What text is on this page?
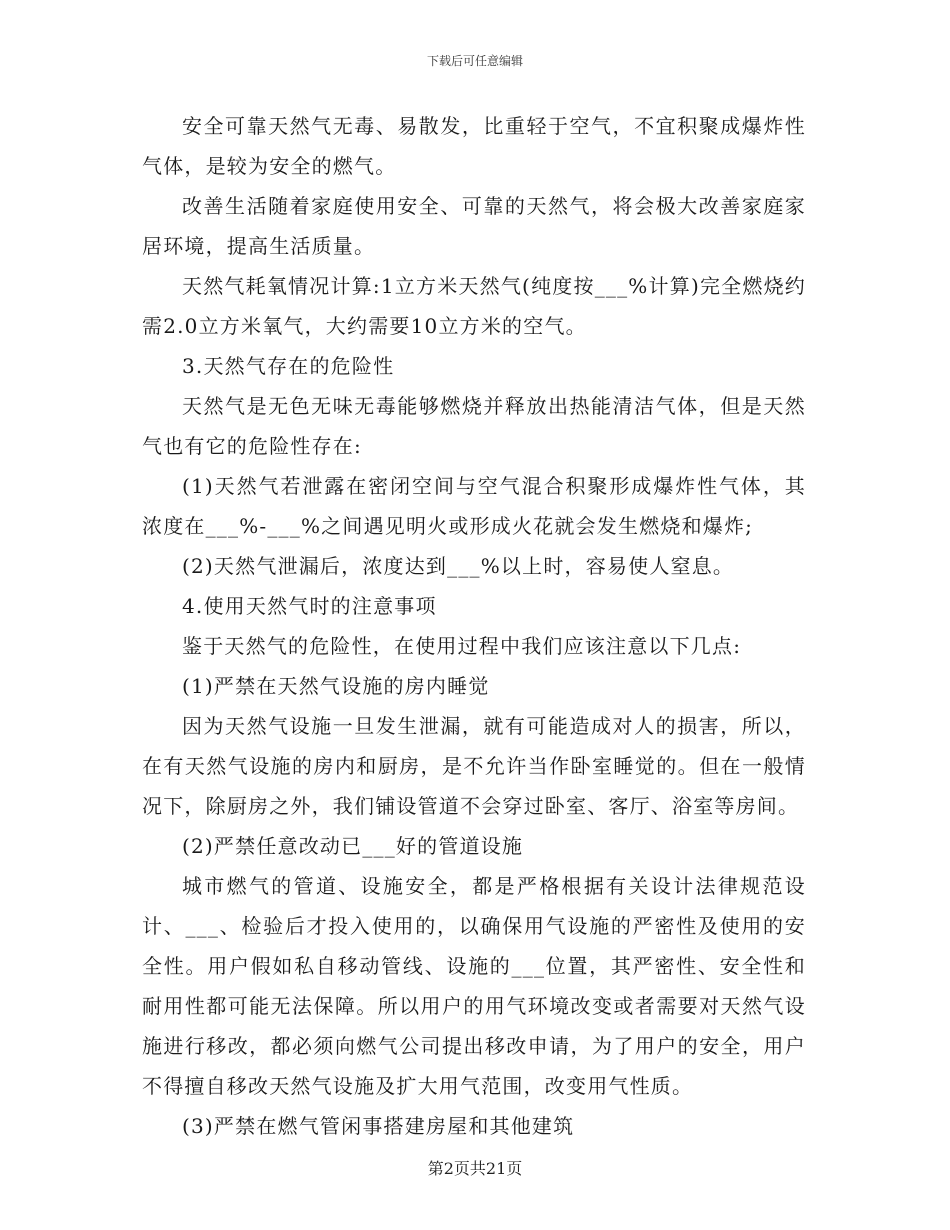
下载后可任意编辑

安全可靠天然气无毒、易散发，比重轻于空气，不宜积聚成爆炸性气体，是较为安全的燃气。

改善生活随着家庭使用安全、可靠的天然气，将会极大改善家庭家居环境，提高生活质量。

天然气耗氧情况计算:1立方米天然气(纯度按___%计算)完全燃烧约需2.0立方米氧气，大约需要10立方米的空气。

3.天然气存在的危险性

天然气是无色无味无毒能够燃烧并释放出热能清洁气体，但是天然气也有它的危险性存在:

(1)天然气若泄露在密闭空间与空气混合积聚形成爆炸性气体，其浓度在___%-___%之间遇见明火或形成火花就会发生燃烧和爆炸;

(2)天然气泄漏后，浓度达到___%以上时，容易使人窒息。

4.使用天然气时的注意事项

鉴于天然气的危险性，在使用过程中我们应该注意以下几点:

(1)严禁在天然气设施的房内睡觉

因为天然气设施一旦发生泄漏，就有可能造成对人的损害，所以，在有天然气设施的房内和厨房，是不允许当作卧室睡觉的。但在一般情况下，除厨房之外，我们铺设管道不会穿过卧室、客厅、浴室等房间。

(2)严禁任意改动已___好的管道设施

城市燃气的管道、设施安全，都是严格根据有关设计法律规范设计、___、检验后才投入使用的，以确保用气设施的严密性及使用的安全性。用户假如私自移动管线、设施的___位置，其严密性、安全性和耐用性都可能无法保障。所以用户的用气环境改变或者需要对天然气设施进行移改，都必须向燃气公司提出移改申请，为了用户的安全，用户不得擅自移改天然气设施及扩大用气范围，改变用气性质。

(3)严禁在燃气管闲事搭建房屋和其他建筑

第2页共21页
